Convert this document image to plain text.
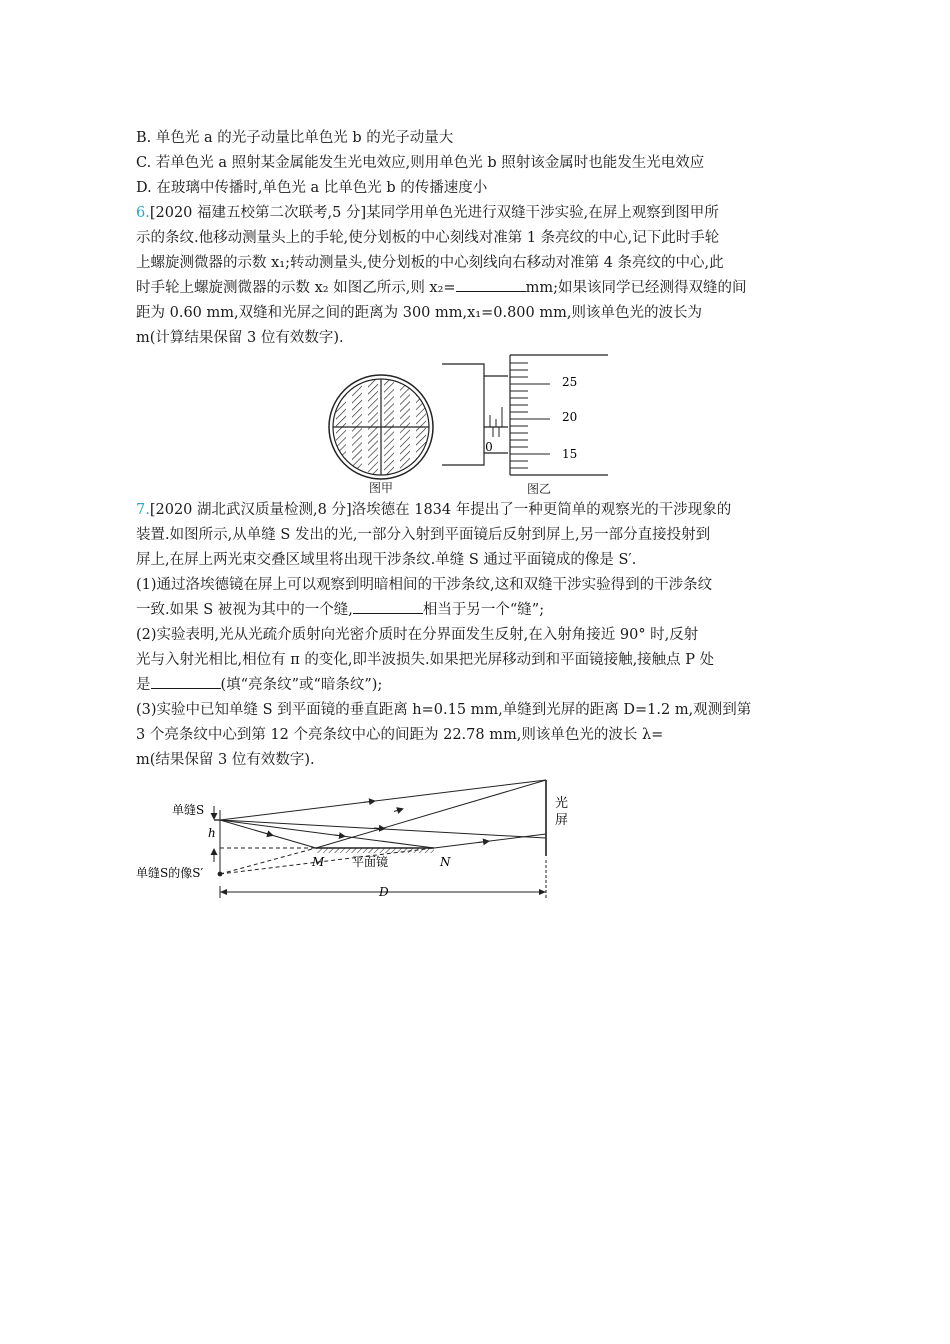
B. 单色光 a 的光子动量比单色光 b 的光子动量大
C. 若单色光 a 照射某金属能发生光电效应,则用单色光 b 照射该金属时也能发生光电效应
D. 在玻璃中传播时,单色光 a 比单色光 b 的传播速度小
6.[2020 福建五校第二次联考,5 分]某同学用单色光进行双缝干涉实验,在屏上观察到图甲所
示的条纹.他移动测量头上的手轮,使分划板的中心刻线对准第 1 条亮纹的中心,记下此时手轮
上螺旋测微器的示数 x₁;转动测量头,使分划板的中心刻线向右移动对准第 4 条亮纹的中心,此
时手轮上螺旋测微器的示数 x₂ 如图乙所示,则 x₂=	mm;如果该同学已经测得双缝的间
距为 0.60 mm,双缝和光屏之间的距离为 300 mm,x₁=0.800 mm,则该单色光的波长为
m(计算结果保留 3 位有效数字).
图甲
0
25
20
15
图乙
7.[2020 湖北武汉质量检测,8 分]洛埃德在 1834 年提出了一种更简单的观察光的干涉现象的
装置.如图所示,从单缝 S 发出的光,一部分入射到平面镜后反射到屏上,另一部分直接投射到
屏上,在屏上两光束交叠区域里将出现干涉条纹.单缝 S 通过平面镜成的像是 S′.
(1)通过洛埃德镜在屏上可以观察到明暗相间的干涉条纹,这和双缝干涉实验得到的干涉条纹
一致.如果 S 被视为其中的一个缝,	相当于另一个“缝”;
(2)实验表明,光从光疏介质射向光密介质时在分界面发生反射,在入射角接近 90° 时,反射
光与入射光相比,相位有 π 的变化,即半波损失.如果把光屏移动到和平面镜接触,接触点 P 处
是	(填“亮条纹”或“暗条纹”);
(3)实验中已知单缝 S 到平面镜的垂直距离 h=0.15 mm,单缝到光屏的距离 D=1.2 m,观测到第
3 个亮条纹中心到第 12 个亮条纹中心的间距为 22.78 mm,则该单色光的波长 λ=
m(结果保留 3 位有效数字).
光
屏
单缝S
h
单缝S的像S′
M 平面镜	N
D
